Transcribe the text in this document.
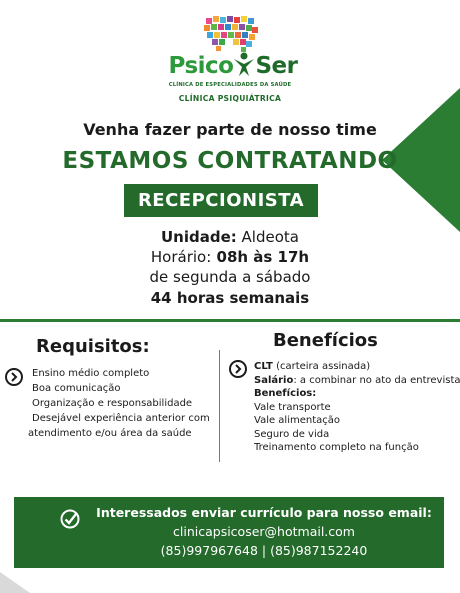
Psico Ser
CLÍNICA DE ESPECIALIDADES DA SAÚDE
CLÍNICA PSIQUIÁTRICA
Venha fazer parte de nosso time
ESTAMOS CONTRATANDO
RECEPCIONISTA
Unidade: Aldeota
Horário: 08h às 17h
de segunda a sábado
44 horas semanais
Requisitos:	Benefícios
Ensino médio completo
Boa comunicação
Organização e responsabilidade
Desejável experiência anterior com
atendimento e/ou área da saúde
CLT (carteira assinada)
Salário: a combinar no ato da entrevista
Benefícios:
Vale transporte
Vale alimentação
Seguro de vida
Treinamento completo na função
Interessados enviar currículo para nosso email:
clinicapsicoser@hotmail.com
(85)997967648 | (85)987152240
